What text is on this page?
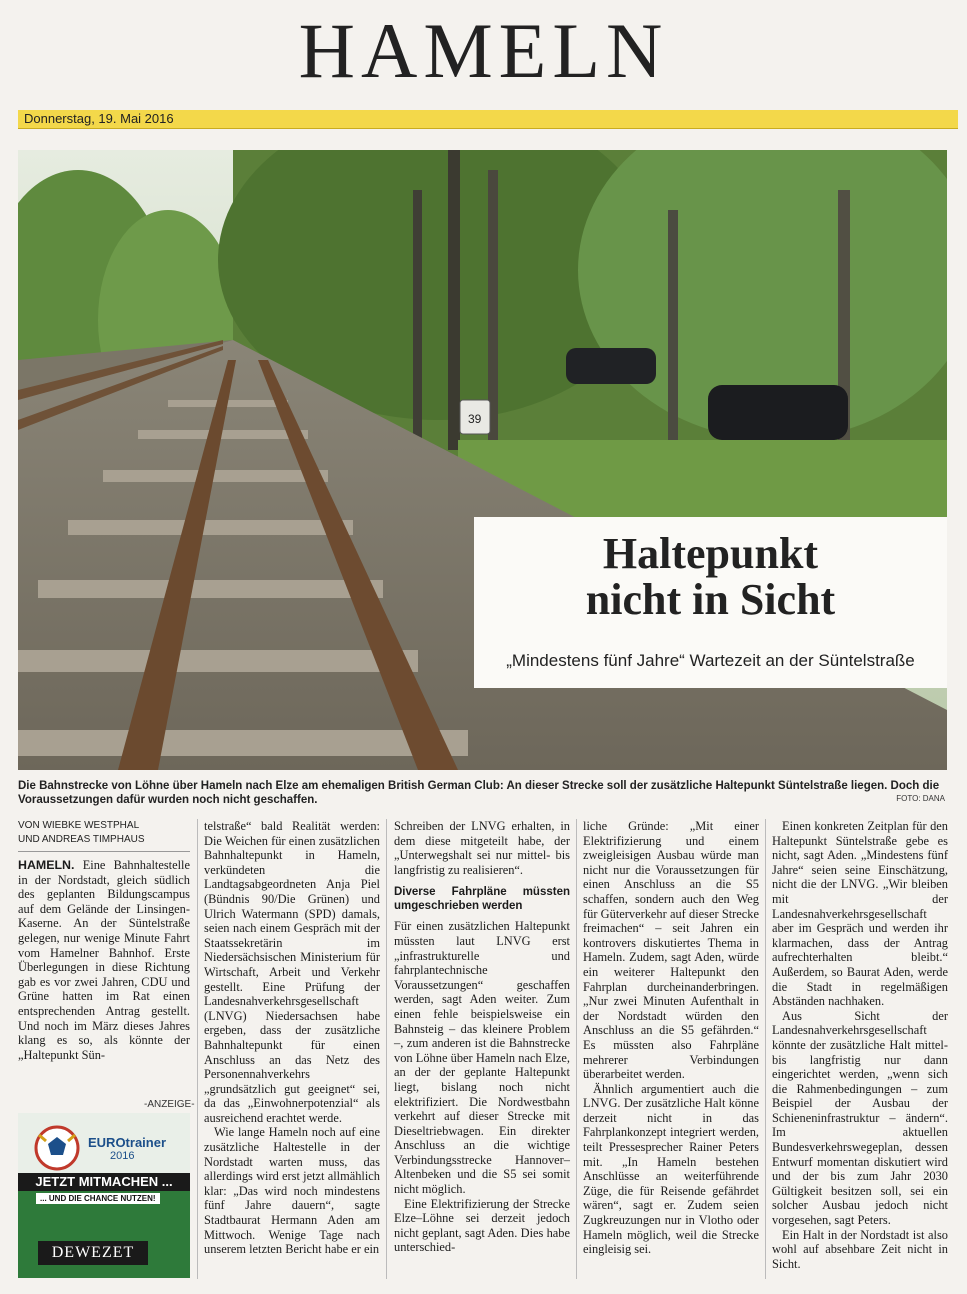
HAMELN
Donnerstag, 19. Mai 2016
39
Haltepunkt
nicht in Sicht
„Mindestens fünf Jahre“ Wartezeit an der Süntelstraße
Die Bahnstrecke von Löhne über Hameln nach Elze am ehemaligen British German Club: An dieser Strecke soll der zusätzliche Haltepunkt Süntelstraße liegen. Doch die Voraussetzungen dafür wurden noch nicht geschaffen.	FOTO: DANA
VON WIEBKE WESTPHAL
UND ANDREAS TIMPHAUS

HAMELN. Eine Bahnhaltestelle in der Nordstadt, gleich südlich des geplanten Bildungscampus auf dem Gelände der Linsingen-Kaserne. An der Süntelstraße gelegen, nur wenige Minute Fahrt vom Hamelner Bahnhof. Erste Überlegungen in diese Richtung gab es vor zwei Jahren, CDU und Grüne hatten im Rat einen entsprechenden Antrag gestellt. Und noch im März dieses Jahres klang es so, als könnte der „Haltepunkt Sün-

telstraße“ bald Realität werden: Die Weichen für einen zusätzlichen Bahnhaltepunkt in Hameln, verkündeten die Landtagsabgeordneten Anja Piel (Bündnis 90/Die Grünen) und Ulrich Watermann (SPD) damals, seien nach einem Gespräch mit der Staatssekretärin im Niedersächsischen Ministerium für Wirtschaft, Arbeit und Verkehr gestellt. Eine Prüfung der Landesnahverkehrsgesellschaft (LNVG) Niedersachsen habe ergeben, dass der zusätzliche Bahnhaltepunkt für einen Anschluss an das Netz des Personennahverkehrs „grundsätzlich gut geeignet“ sei, da das „Einwohnerpotenzial“ als ausreichend erachtet werde.

Wie lange Hameln noch auf eine zusätzliche Haltestelle in der Nordstadt warten muss, das allerdings wird erst jetzt allmählich klar: „Das wird noch mindestens fünf Jahre dauern“, sagte Stadtbaurat Hermann Aden am Mittwoch. Wenige Tage nach unserem letzten Bericht habe er ein

Schreiben der LNVG erhalten, in dem diese mitgeteilt habe, der „Unterwegshalt sei nur mittel- bis langfristig zu realisieren“.

Diverse Fahrpläne müssten umgeschrieben werden

Für einen zusätzlichen Haltepunkt müssten laut LNVG erst „infrastrukturelle und fahrplantechnische Voraussetzungen“ geschaffen werden, sagt Aden weiter. Zum einen fehle beispielsweise ein Bahnsteig – das kleinere Problem –, zum anderen ist die Bahnstrecke von Löhne über Hameln nach Elze, an der der geplante Haltepunkt liegt, bislang noch nicht elektrifiziert. Die Nordwestbahn verkehrt auf dieser Strecke mit Dieseltriebwagen. Ein direkter Anschluss an die wichtige Verbindungsstrecke Hannover–Altenbeken und die S5 sei somit nicht möglich.

Eine Elektrifizierung der Strecke Elze–Löhne sei derzeit jedoch nicht geplant, sagt Aden. Dies habe unterschied-

liche Gründe: „Mit einer Elektrifizierung und einem zweigleisigen Ausbau würde man nicht nur die Voraussetzungen für einen Anschluss an die S5 schaffen, sondern auch den Weg für Güterverkehr auf dieser Strecke freimachen“ – seit Jahren ein kontrovers diskutiertes Thema in Hameln. Zudem, sagt Aden, würde ein weiterer Haltepunkt den Fahrplan durcheinanderbringen. „Nur zwei Minuten Aufenthalt in der Nordstadt würden den Anschluss an die S5 gefährden.“ Es müssten also Fahrpläne mehrerer Verbindungen überarbeitet werden.

Ähnlich argumentiert auch die LNVG. Der zusätzliche Halt könne derzeit nicht in das Fahrplankonzept integriert werden, teilt Pressesprecher Rainer Peters mit. „In Hameln bestehen Anschlüsse an weiterführende Züge, die für Reisende gefährdet wären“, sagt er. Zudem seien Zugkreuzungen nur in Vlotho oder Hameln möglich, weil die Strecke eingleisig sei.

Einen konkreten Zeitplan für den Haltepunkt Süntelstraße gebe es nicht, sagt Aden. „Mindestens fünf Jahre“ seien seine Einschätzung, nicht die der LNVG. „Wir bleiben mit der Landesnahverkehrsgesellschaft aber im Gespräch und werden ihr klarmachen, dass der Antrag aufrechterhalten bleibt.“ Außerdem, so Baurat Aden, werde die Stadt in regelmäßigen Abständen nachhaken.

Aus Sicht der Landesnahverkehrsgesellschaft könnte der zusätzliche Halt mittel- bis langfristig nur dann eingerichtet werden, „wenn sich die Rahmenbedingungen – zum Beispiel der Ausbau der Schieneninfrastruktur – ändern“. Im aktuellen Bundesverkehrswegeplan, dessen Entwurf momentan diskutiert wird und der bis zum Jahr 2030 Gültigkeit besitzen soll, sei ein solcher Ausbau jedoch nicht vorgesehen, sagt Peters.

Ein Halt in der Nordstadt ist also wohl auf absehbare Zeit nicht in Sicht.

-ANZEIGE-
EUROtrainer
2016
JETZT MITMACHEN ...
... UND DIE CHANCE NUTZEN!
DEWEZET
